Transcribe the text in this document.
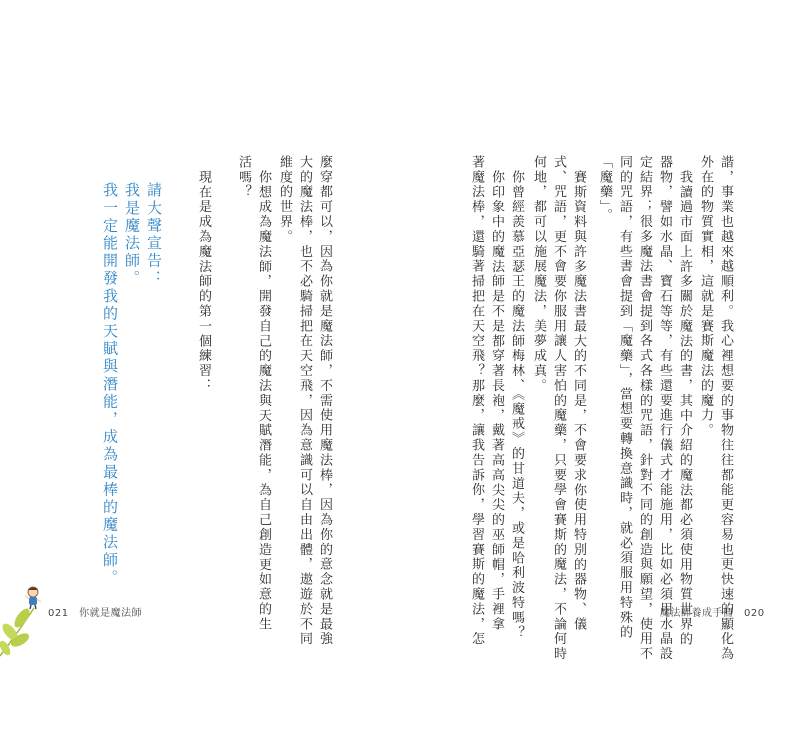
諧，事業也越來越順利。我心裡想要的事物往往都能更容易也更快速的顯化為
外在的物質實相，這就是賽斯魔法的魔力。
我讀過市面上許多關於魔法的書，其中介紹的魔法都必須使用物質世界的
器物，譬如水晶、寶石等等，有些還要進行儀式才能施用，比如必須用水晶設
定結界；很多魔法書會提到各式各樣的咒語，針對不同的創造與願望，使用不
同的咒語，有些書會提到「魔藥」，當想要轉換意識時，就必須服用特殊的
「魔藥」。
賽斯資料與許多魔法書最大的不同是，不會要求你使用特別的器物、儀
式、咒語，更不會要你服用讓人害怕的魔藥，只要學會賽斯的魔法，不論何時
何地，都可以施展魔法，美夢成真。
你曾經羨慕亞瑟王的魔法師梅林、《魔戒》的甘道夫，或是哈利波特嗎？
你印象中的魔法師是不是都穿著長袍，戴著高高尖尖的巫師帽，手裡拿
著魔法棒，還騎著掃把在天空飛？那麼，讓我告訴你，學習賽斯的魔法，怎	魔法師養成手冊　020
麼穿都可以，因為你就是魔法師，不需使用魔法棒，因為你的意念就是最強
大的魔法棒，也不必騎掃把在天空飛，因為意識可以自由出體，遨遊於不同
維度的世界。
你想成為魔法師，開發自己的魔法與天賦潛能，為自己創造更如意的生
活嗎？
現在是成為魔法師的第一個練習：
請大聲宣告：
我是魔法師。
我一定能開發我的天賦與潛能，成為最棒的魔法師。
021　你就是魔法師
